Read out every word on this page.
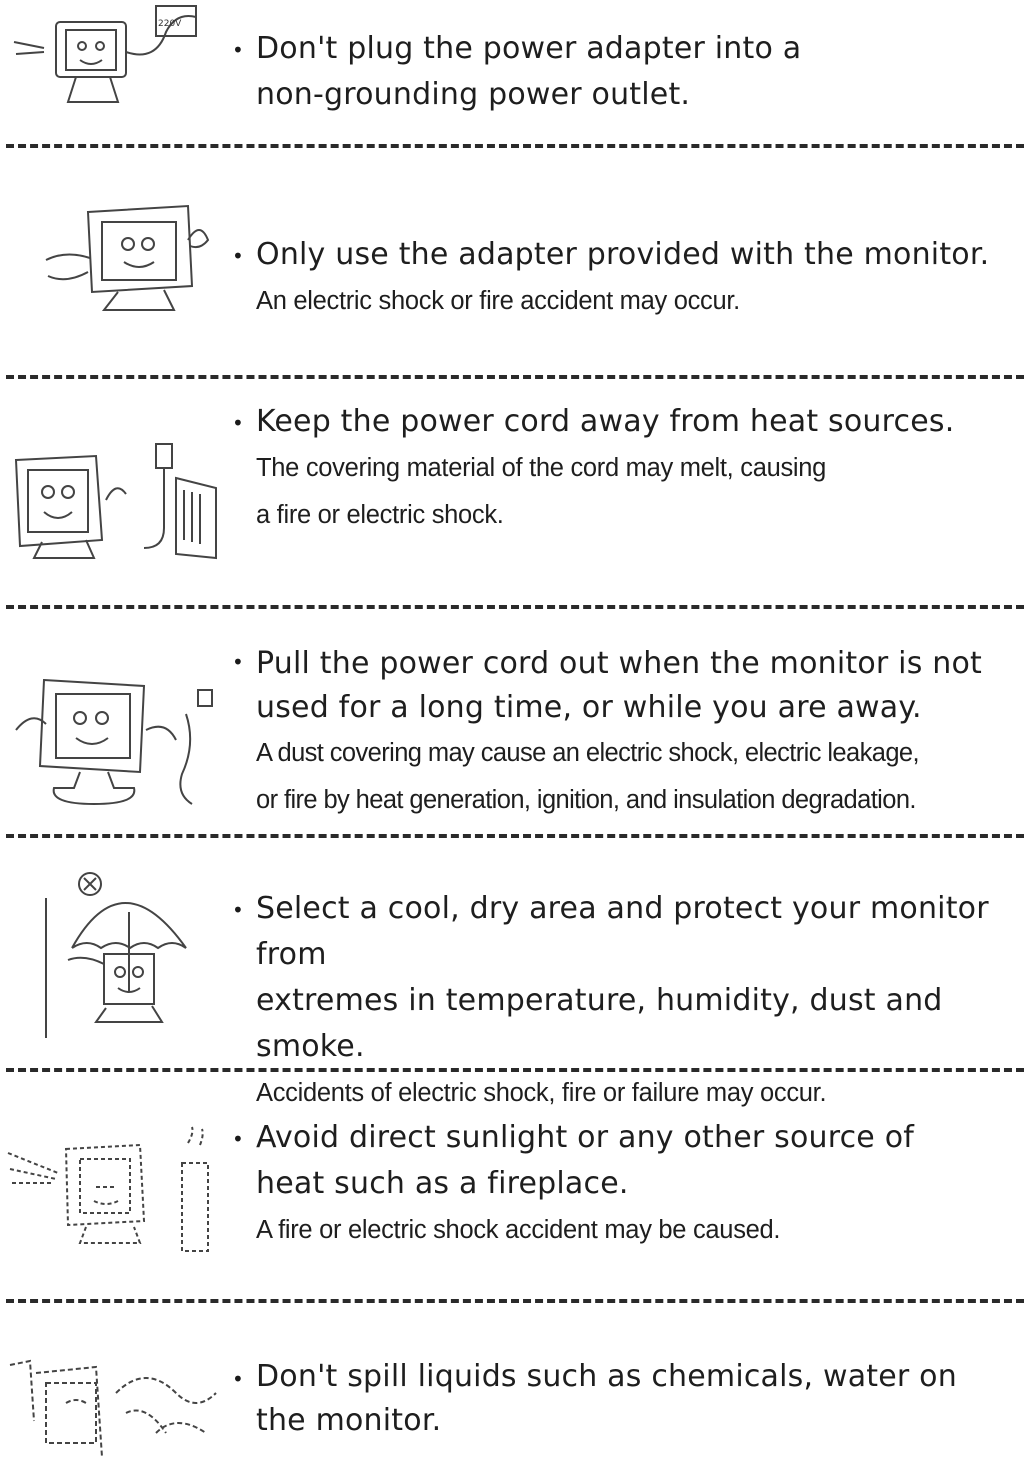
220V
• Don't plug the power adapter into a
non-grounding power outlet.
• Only use the adapter provided with the monitor.
An electric shock or fire accident may occur.
• Keep the power cord away from heat sources.
The covering material of the cord may melt, causing
a fire or electric shock.
• Pull the power cord out when the monitor is not
used for a long time, or while you are away.
A dust covering may cause an electric shock, electric leakage,
or fire by heat generation, ignition, and insulation degradation.
• Select a cool, dry area and protect your monitor from
extremes in temperature, humidity, dust and smoke.
Accidents of electric shock, fire or failure may occur.
• Avoid direct sunlight or any other source of
heat such as a fireplace.
A fire or electric shock accident may be caused.
• Don't spill liquids such as chemicals, water on
the monitor.
